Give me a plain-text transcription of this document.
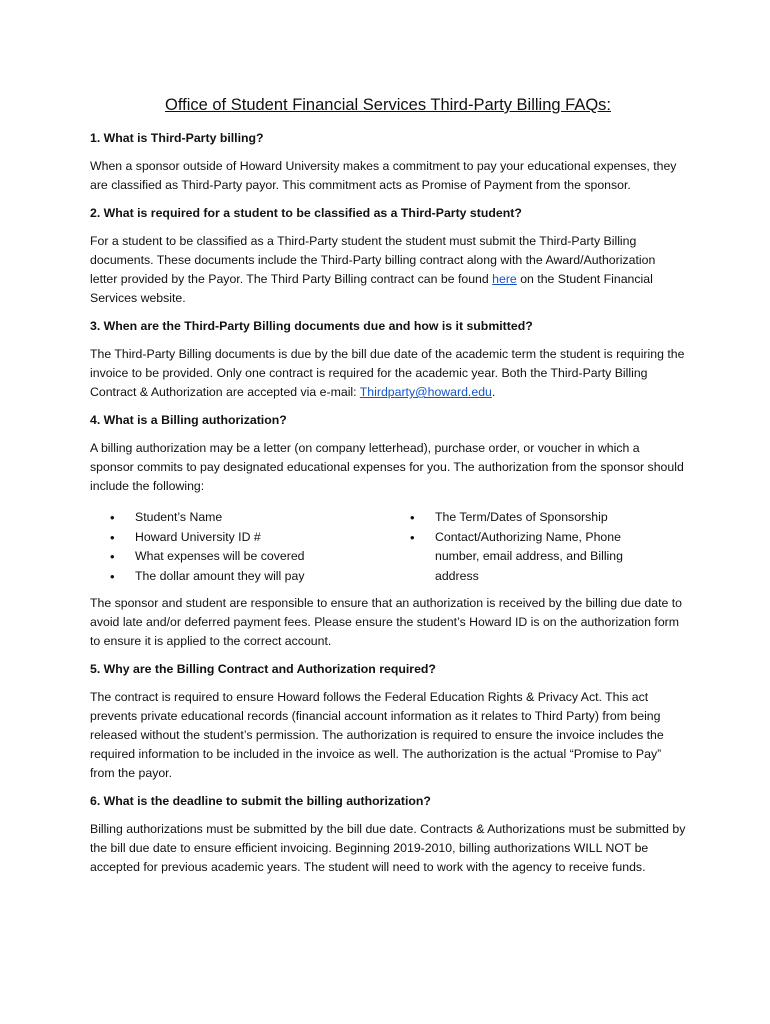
Office of Student Financial Services Third-Party Billing FAQs:

1. What is Third-Party billing?

When a sponsor outside of Howard University makes a commitment to pay your educational expenses, they are classified as Third-Party payor. This commitment acts as Promise of Payment from the sponsor.

2. What is required for a student to be classified as a Third-Party student?

For a student to be classified as a Third-Party student the student must submit the Third-Party Billing documents. These documents include the Third-Party billing contract along with the Award/Authorization letter provided by the Payor. The Third Party Billing contract can be found here on the Student Financial Services website.

3. When are the Third-Party Billing documents due and how is it submitted?

The Third-Party Billing documents is due by the bill due date of the academic term the student is requiring the invoice to be provided. Only one contract is required for the academic year. Both the Third-Party Billing Contract & Authorization are accepted via e-mail: Thirdparty@howard.edu.

4. What is a Billing authorization?

A billing authorization may be a letter (on company letterhead), purchase order, or voucher in which a sponsor commits to pay designated educational expenses for you. The authorization from the sponsor should include the following:

• Student’s Name
• Howard University ID #
• What expenses will be covered
• The dollar amount they will pay
• The Term/Dates of Sponsorship
• Contact/Authorizing Name, Phone number, email address, and Billing address

The sponsor and student are responsible to ensure that an authorization is received by the billing due date to avoid late and/or deferred payment fees. Please ensure the student’s Howard ID is on the authorization form to ensure it is applied to the correct account.

5. Why are the Billing Contract and Authorization required?

The contract is required to ensure Howard follows the Federal Education Rights & Privacy Act. This act prevents private educational records (financial account information as it relates to Third Party) from being released without the student’s permission. The authorization is required to ensure the invoice includes the required information to be included in the invoice as well. The authorization is the actual “Promise to Pay” from the payor.

6. What is the deadline to submit the billing authorization?

Billing authorizations must be submitted by the bill due date. Contracts & Authorizations must be submitted by the bill due date to ensure efficient invoicing. Beginning 2019-2010, billing authorizations WILL NOT be accepted for previous academic years. The student will need to work with the agency to receive funds.
